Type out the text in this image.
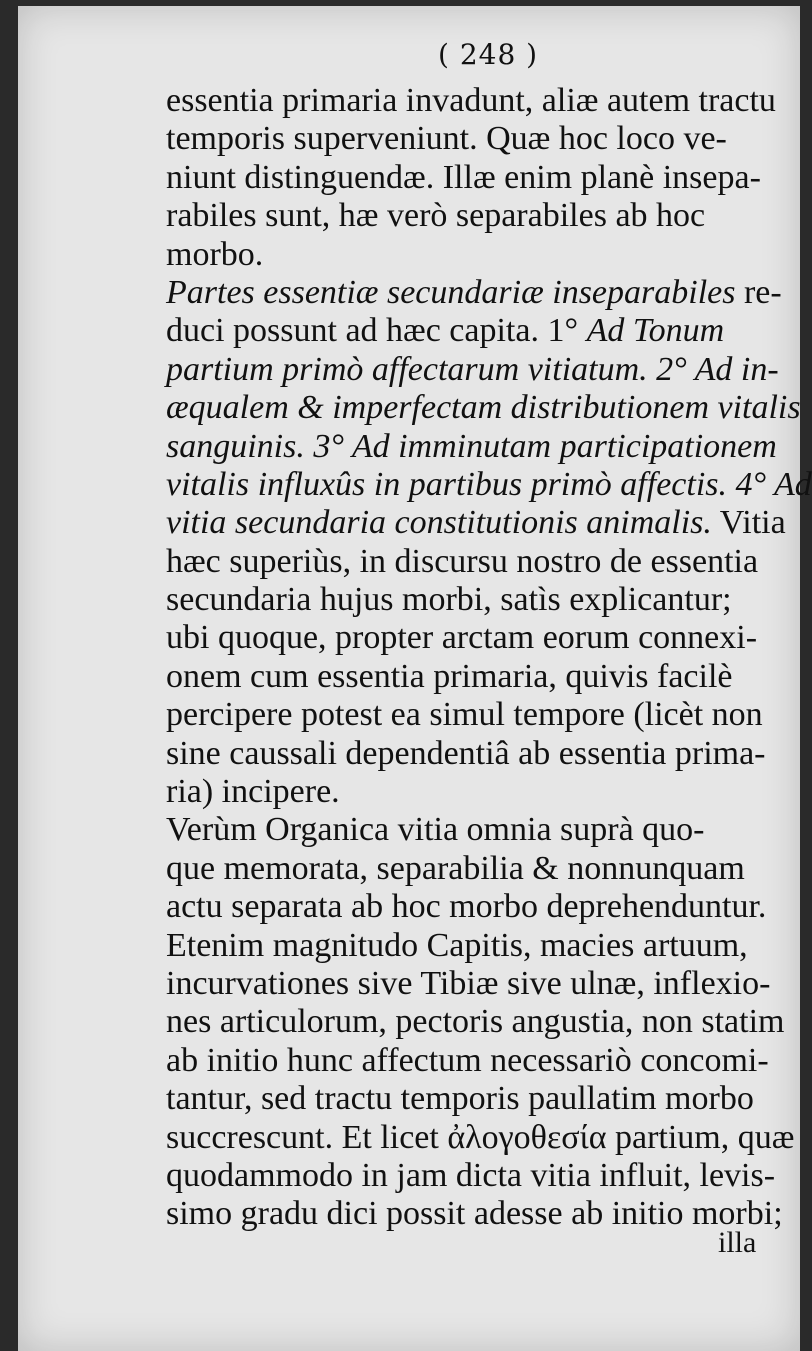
( 248 )
essentia primaria invadunt, aliæ autem tractu
temporis superveniunt. Quæ hoc loco ve-
niunt distinguendæ. Illæ enim planè insepa-
rabiles sunt, hæ verò separabiles ab hoc
morbo.
Partes essentiæ secundariæ inseparabiles re-
duci possunt ad hæc capita. 1° Ad Tonum
partium primò affectarum vitiatum. 2° Ad in-
æqualem & imperfectam distributionem vitalis
sanguinis. 3° Ad imminutam participationem
vitalis influxûs in partibus primò affectis. 4° Ad
vitia secundaria constitutionis animalis. Vitia
hæc superiùs, in discursu nostro de essentia
secundaria hujus morbi, satìs explicantur;
ubi quoque, propter arctam eorum connexi-
onem cum essentia primaria, quivis facilè
percipere potest ea simul tempore (licèt non
sine caussali dependentiâ ab essentia prima-
ria) incipere.
Verùm Organica vitia omnia suprà quo-
que memorata, separabilia & nonnunquam
actu separata ab hoc morbo deprehenduntur.
Etenim magnitudo Capitis, macies artuum,
incurvationes sive Tibiæ sive ulnæ, inflexio-
nes articulorum, pectoris angustia, non statim
ab initio hunc affectum necessariò concomi-
tantur, sed tractu temporis paullatim morbo
succrescunt. Et licet ἀλογοθεσία partium, quæ
quodammodo in jam dicta vitia influit, levis-
simo gradu dici possit adesse ab initio morbi;
illa
